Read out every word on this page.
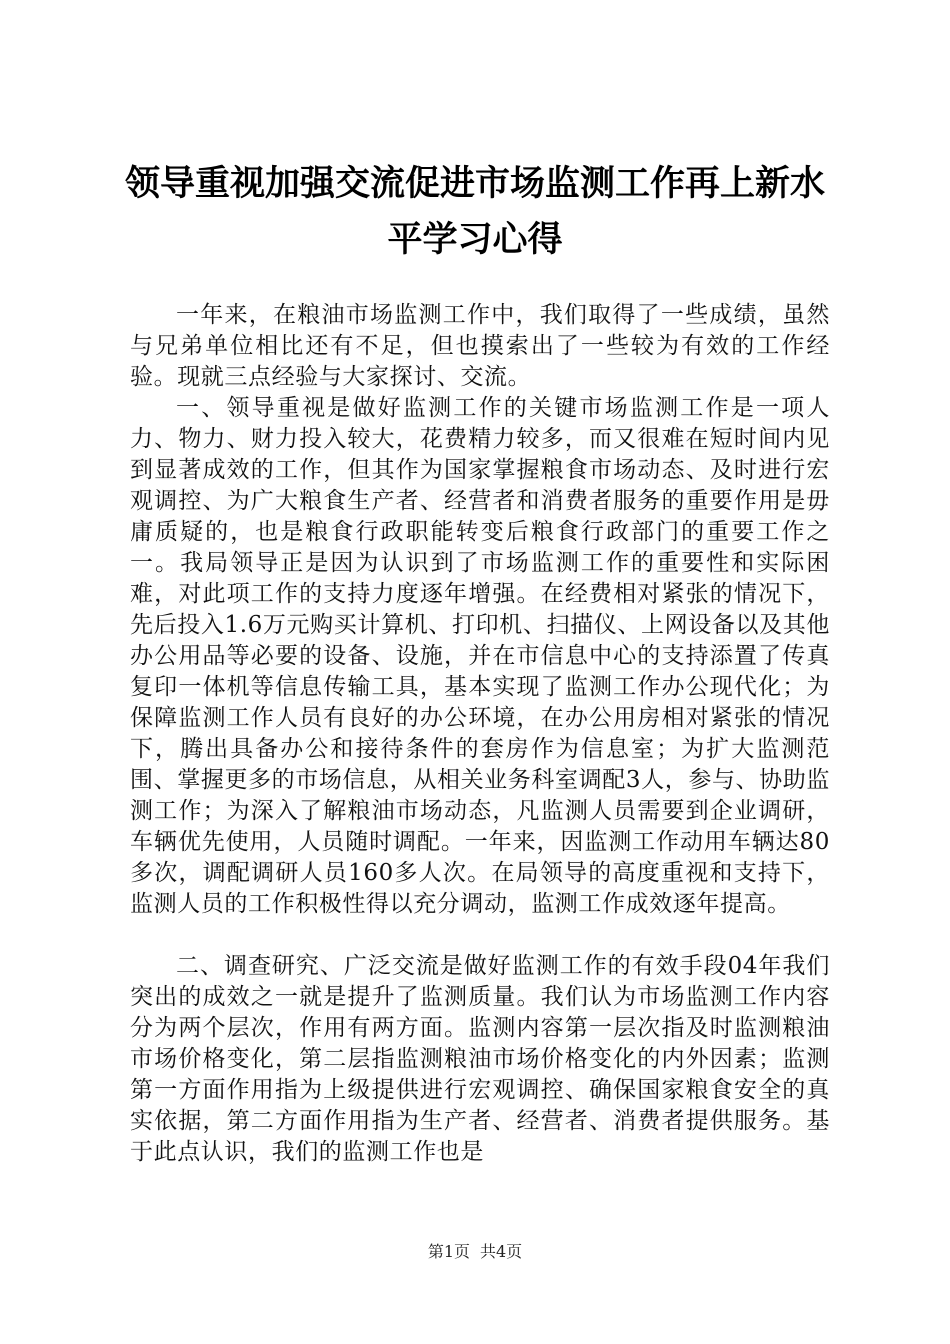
领导重视加强交流促进市场监测工作再上新水
平学习心得

一年来，在粮油市场监测工作中，我们取得了一些成绩，虽然与兄弟单位相比还有不足，但也摸索出了一些较为有效的工作经验。现就三点经验与大家探讨、交流。

一、领导重视是做好监测工作的关键市场监测工作是一项人力、物力、财力投入较大，花费精力较多，而又很难在短时间内见到显著成效的工作，但其作为国家掌握粮食市场动态、及时进行宏观调控、为广大粮食生产者、经营者和消费者服务的重要作用是毋庸质疑的，也是粮食行政职能转变后粮食行政部门的重要工作之一。我局领导正是因为认识到了市场监测工作的重要性和实际困难，对此项工作的支持力度逐年增强。在经费相对紧张的情况下，先后投入1.6万元购买计算机、打印机、扫描仪、上网设备以及其他办公用品等必要的设备、设施，并在市信息中心的支持添置了传真复印一体机等信息传输工具，基本实现了监测工作办公现代化；为保障监测工作人员有良好的办公环境，在办公用房相对紧张的情况下，腾出具备办公和接待条件的套房作为信息室；为扩大监测范围、掌握更多的市场信息，从相关业务科室调配3人，参与、协助监测工作；为深入了解粮油市场动态，凡监测人员需要到企业调研，车辆优先使用，人员随时调配。一年来，因监测工作动用车辆达80多次，调配调研人员160多人次。在局领导的高度重视和支持下，监测人员的工作积极性得以充分调动，监测工作成效逐年提高。

二、调查研究、广泛交流是做好监测工作的有效手段04年我们突出的成效之一就是提升了监测质量。我们认为市场监测工作内容分为两个层次，作用有两方面。监测内容第一层次指及时监测粮油市场价格变化，第二层指监测粮油市场价格变化的内外因素；监测第一方面作用指为上级提供进行宏观调控、确保国家粮食安全的真实依据，第二方面作用指为生产者、经营者、消费者提供服务。基于此点认识，我们的监测工作也是

第1页 共4页
